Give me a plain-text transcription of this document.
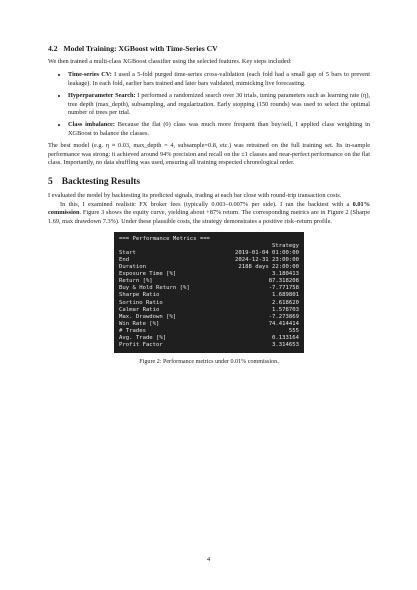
4.2 Model Training: XGBoost with Time-Series CV

We then trained a multi-class XGBoost classifier using the selected features. Key steps included:

• Time-series CV: I used a 5-fold purged time-series cross-validation (each fold had a small gap of 5 bars to prevent leakage). In each fold, earlier bars trained and later bars validated, mimicking live forecasting.
• Hyperparameter Search: I performed a randomized search over 30 trials, tuning parameters such as learning rate (η), tree depth (max_depth), subsampling, and regularization. Early stopping (150 rounds) was used to select the optimal number of trees per trial.
• Class imbalance: Because the flat (0) class was much more frequent than buy/sell, I applied class weighting in XGBoost to balance the classes.

The best model (e.g. η ≈ 0.03, max_depth = 4, subsample=0.8, etc.) was retrained on the full training set. Its in-sample performance was strong: it achieved around 94% precision and recall on the ±1 classes and near-perfect performance on the flat class. Importantly, no data shuffling was used, ensuring all training respected chronological order.

5 Backtesting Results

I evaluated the model by backtesting its predicted signals, trading at each bar close with round-trip transaction costs.

In this, I examined realistic FX broker fees (typically 0.003–0.007% per side). I ran the backtest with a 0.01% commission. Figure 3 shows the equity curve, yielding about +87% return. The corresponding metrics are in Figure 2 (Sharpe 1.69, max drawdown 7.3%). Under these plausible costs, the strategy demonstrates a positive risk–return profile.

=== Performance Metrics ===
Strategy
Start	2019-01-04 01:00:00
End	2024-12-31 23:00:00
Duration	2188 days 22:00:00
Exposure Time [%]	3.180413
Return [%]	87.318208
Buy & Hold Return [%]	-7.771758
Sharpe Ratio	1.689801
Sortino Ratio	2.618620
Calmar Ratio	1.578703
Max. Drawdown [%]	-7.273869
Win Rate [%]	74.414414
# Trades	555
Avg. Trade [%]	0.133164
Profit Factor	3.314653
Figure 2: Performance metrics under 0.01% commission.
4
